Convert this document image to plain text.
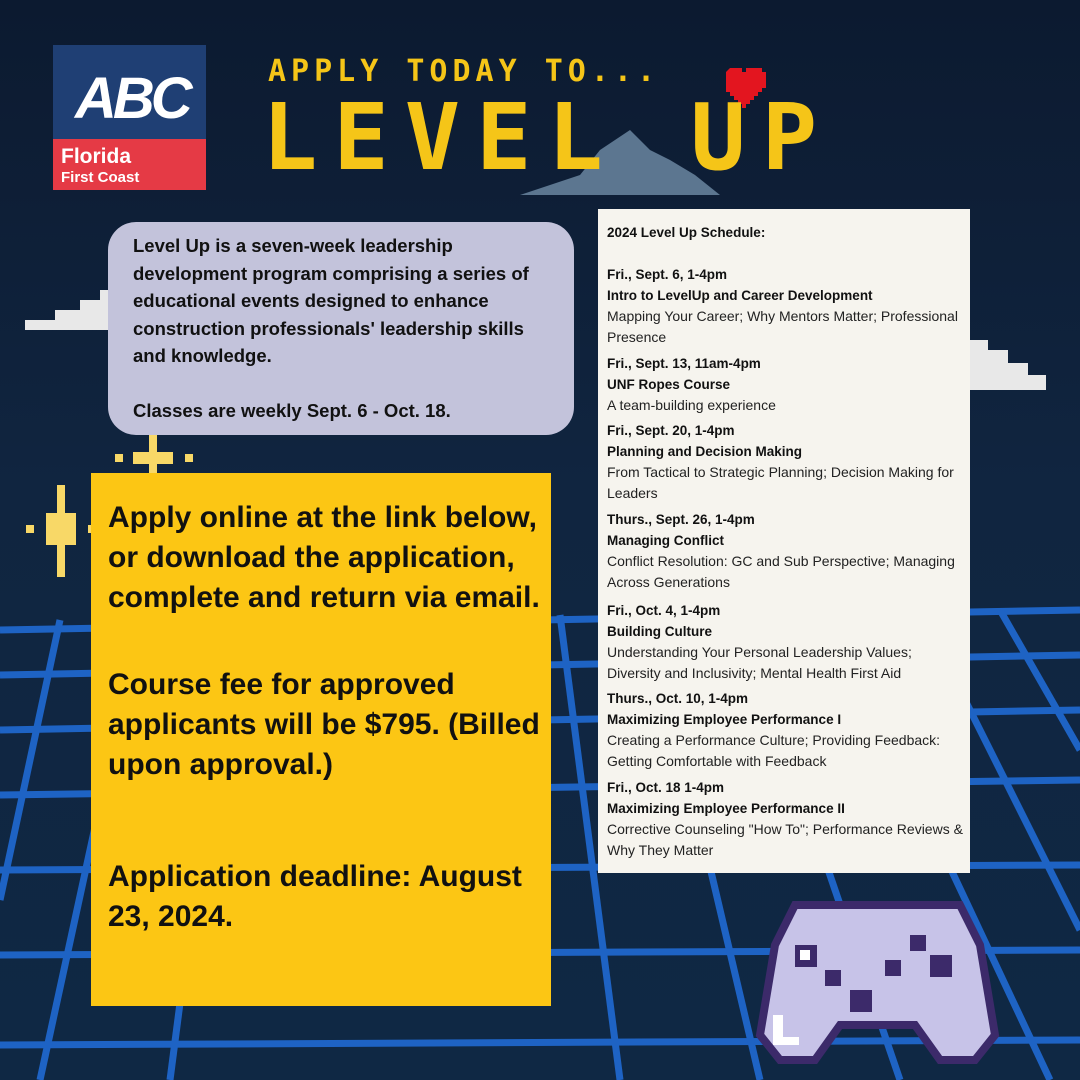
ABC
Florida
First Coast
APPLY TODAY TO...
LEVEL UP

Level Up is a seven-week leadership development program comprising a series of educational events designed to enhance construction professionals' leadership skills and knowledge.

Classes are weekly Sept. 6 - Oct. 18.

Apply online at the link below, or download the application, complete and return via email.

Course fee for approved applicants will be $795. (Billed upon approval.)

Application deadline: August 23, 2024.

2024 Level Up Schedule:
Fri., Sept. 6, 1-4pm
Intro to LevelUp and Career Development
Mapping Your Career; Why Mentors Matter; Professional Presence
Fri., Sept. 13, 11am-4pm
UNF Ropes Course
A team-building experience
Fri., Sept. 20, 1-4pm
Planning and Decision Making
From Tactical to Strategic Planning; Decision Making for Leaders
Thurs., Sept. 26, 1-4pm
Managing Conflict
Conflict Resolution: GC and Sub Perspective; Managing Across Generations
Fri., Oct. 4, 1-4pm
Building Culture
Understanding Your Personal Leadership Values; Diversity and Inclusivity; Mental Health First Aid
Thurs., Oct. 10, 1-4pm
Maximizing Employee Performance I
Creating a Performance Culture; Providing Feedback: Getting Comfortable with Feedback
Fri., Oct. 18 1-4pm
Maximizing Employee Performance II
Corrective Counseling "How To"; Performance Reviews & Why They Matter
